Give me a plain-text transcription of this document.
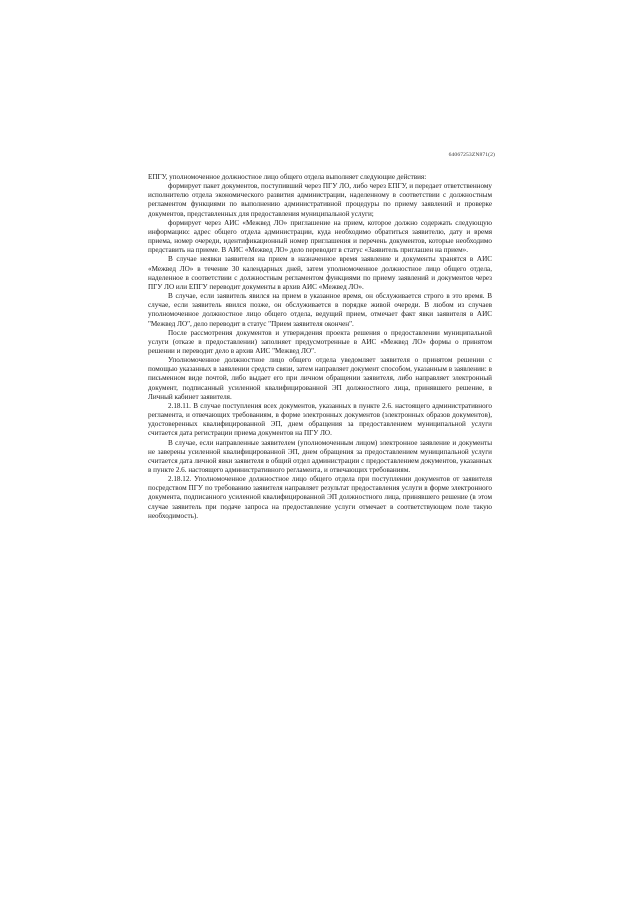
64067253ZN871(2)

ЕПГУ, уполномоченное должностное лицо общего отдела выполняет следующие действия:

формирует пакет документов, поступивший через ПГУ ЛО, либо через ЕПГУ, и передает ответственному исполнителю отдела экономического развития администрации, наделенному в соответствии с должностным регламентом функциями по выполнению административной процедуры по приему заявлений и проверке документов, представленных для предоставления муниципальной услуги;

формирует через АИС «Межвед ЛО» приглашение на прием, которое должно содержать следующую информацию: адрес общего отдела администрации, куда необходимо обратиться заявителю, дату и время приема, номер очереди, идентификационный номер приглашения и перечень документов, которые необходимо представить на приеме. В АИС «Межвед ЛО» дело переводит в статус «Заявитель приглашен на прием».

В случае неявки заявителя на прием в назначенное время заявление и документы хранятся в АИС «Межвед ЛО» в течение 30 календарных дней, затем уполномоченное должностное лицо общего отдела, наделенное в соответствии с должностным регламентом функциями по приему заявлений и документов через ПГУ ЛО или ЕПГУ переводит документы в архив АИС «Межвед ЛО».

В случае, если заявитель явился на прием в указанное время, он обслуживается строго в это время. В случае, если заявитель явился позже, он обслуживается в порядке живой очереди. В любом из случаев уполномоченное должностное лицо общего отдела, ведущий прием, отмечает факт явки заявителя в АИС "Межвед ЛО", дело переводит в статус "Прием заявителя окончен".

После рассмотрения документов и утверждения проекта решения о предоставлении муниципальной услуги (отказе в предоставлении) заполняет предусмотренные в АИС «Межвед ЛО» формы о принятом решении и переводит дело в архив АИС "Межвед ЛО".

Уполномоченное должностное лицо общего отдела уведомляет заявителя о принятом решении с помощью указанных в заявлении средств связи, затем направляет документ способом, указанным в заявлении: в письменном виде почтой, либо выдает его при личном обращении заявителя, либо направляет электронный документ, подписанный усиленной квалифицированной ЭП должностного лица, принявшего решение, в Личный кабинет заявителя.

2.18.11. В случае поступления всех документов, указанных в пункте 2.6. настоящего административного регламента, и отвечающих требованиям, в форме электронных документов (электронных образов документов), удостоверенных квалифицированной ЭП, днем обращения за предоставлением муниципальной услуги считается дата регистрации приема документов на ПГУ ЛО.

В случае, если направленные заявителем (уполномоченным лицом) электронное заявление и документы не заверены усиленной квалифицированной ЭП, днем обращения за предоставлением муниципальной услуги считается дата личной явки заявителя в общий отдел администрации с предоставлением документов, указанных в пункте 2.6. настоящего административного регламента, и отвечающих требованиям.

2.18.12. Уполномоченное должностное лицо общего отдела при поступлении документов от заявителя посредством ПГУ по требованию заявителя направляет результат предоставления услуги в форме электронного документа, подписанного усиленной квалифицированной ЭП должностного лица, принявшего решение (в этом случае заявитель при подаче запроса на предоставление услуги отмечает в соответствующем поле такую необходимость).
